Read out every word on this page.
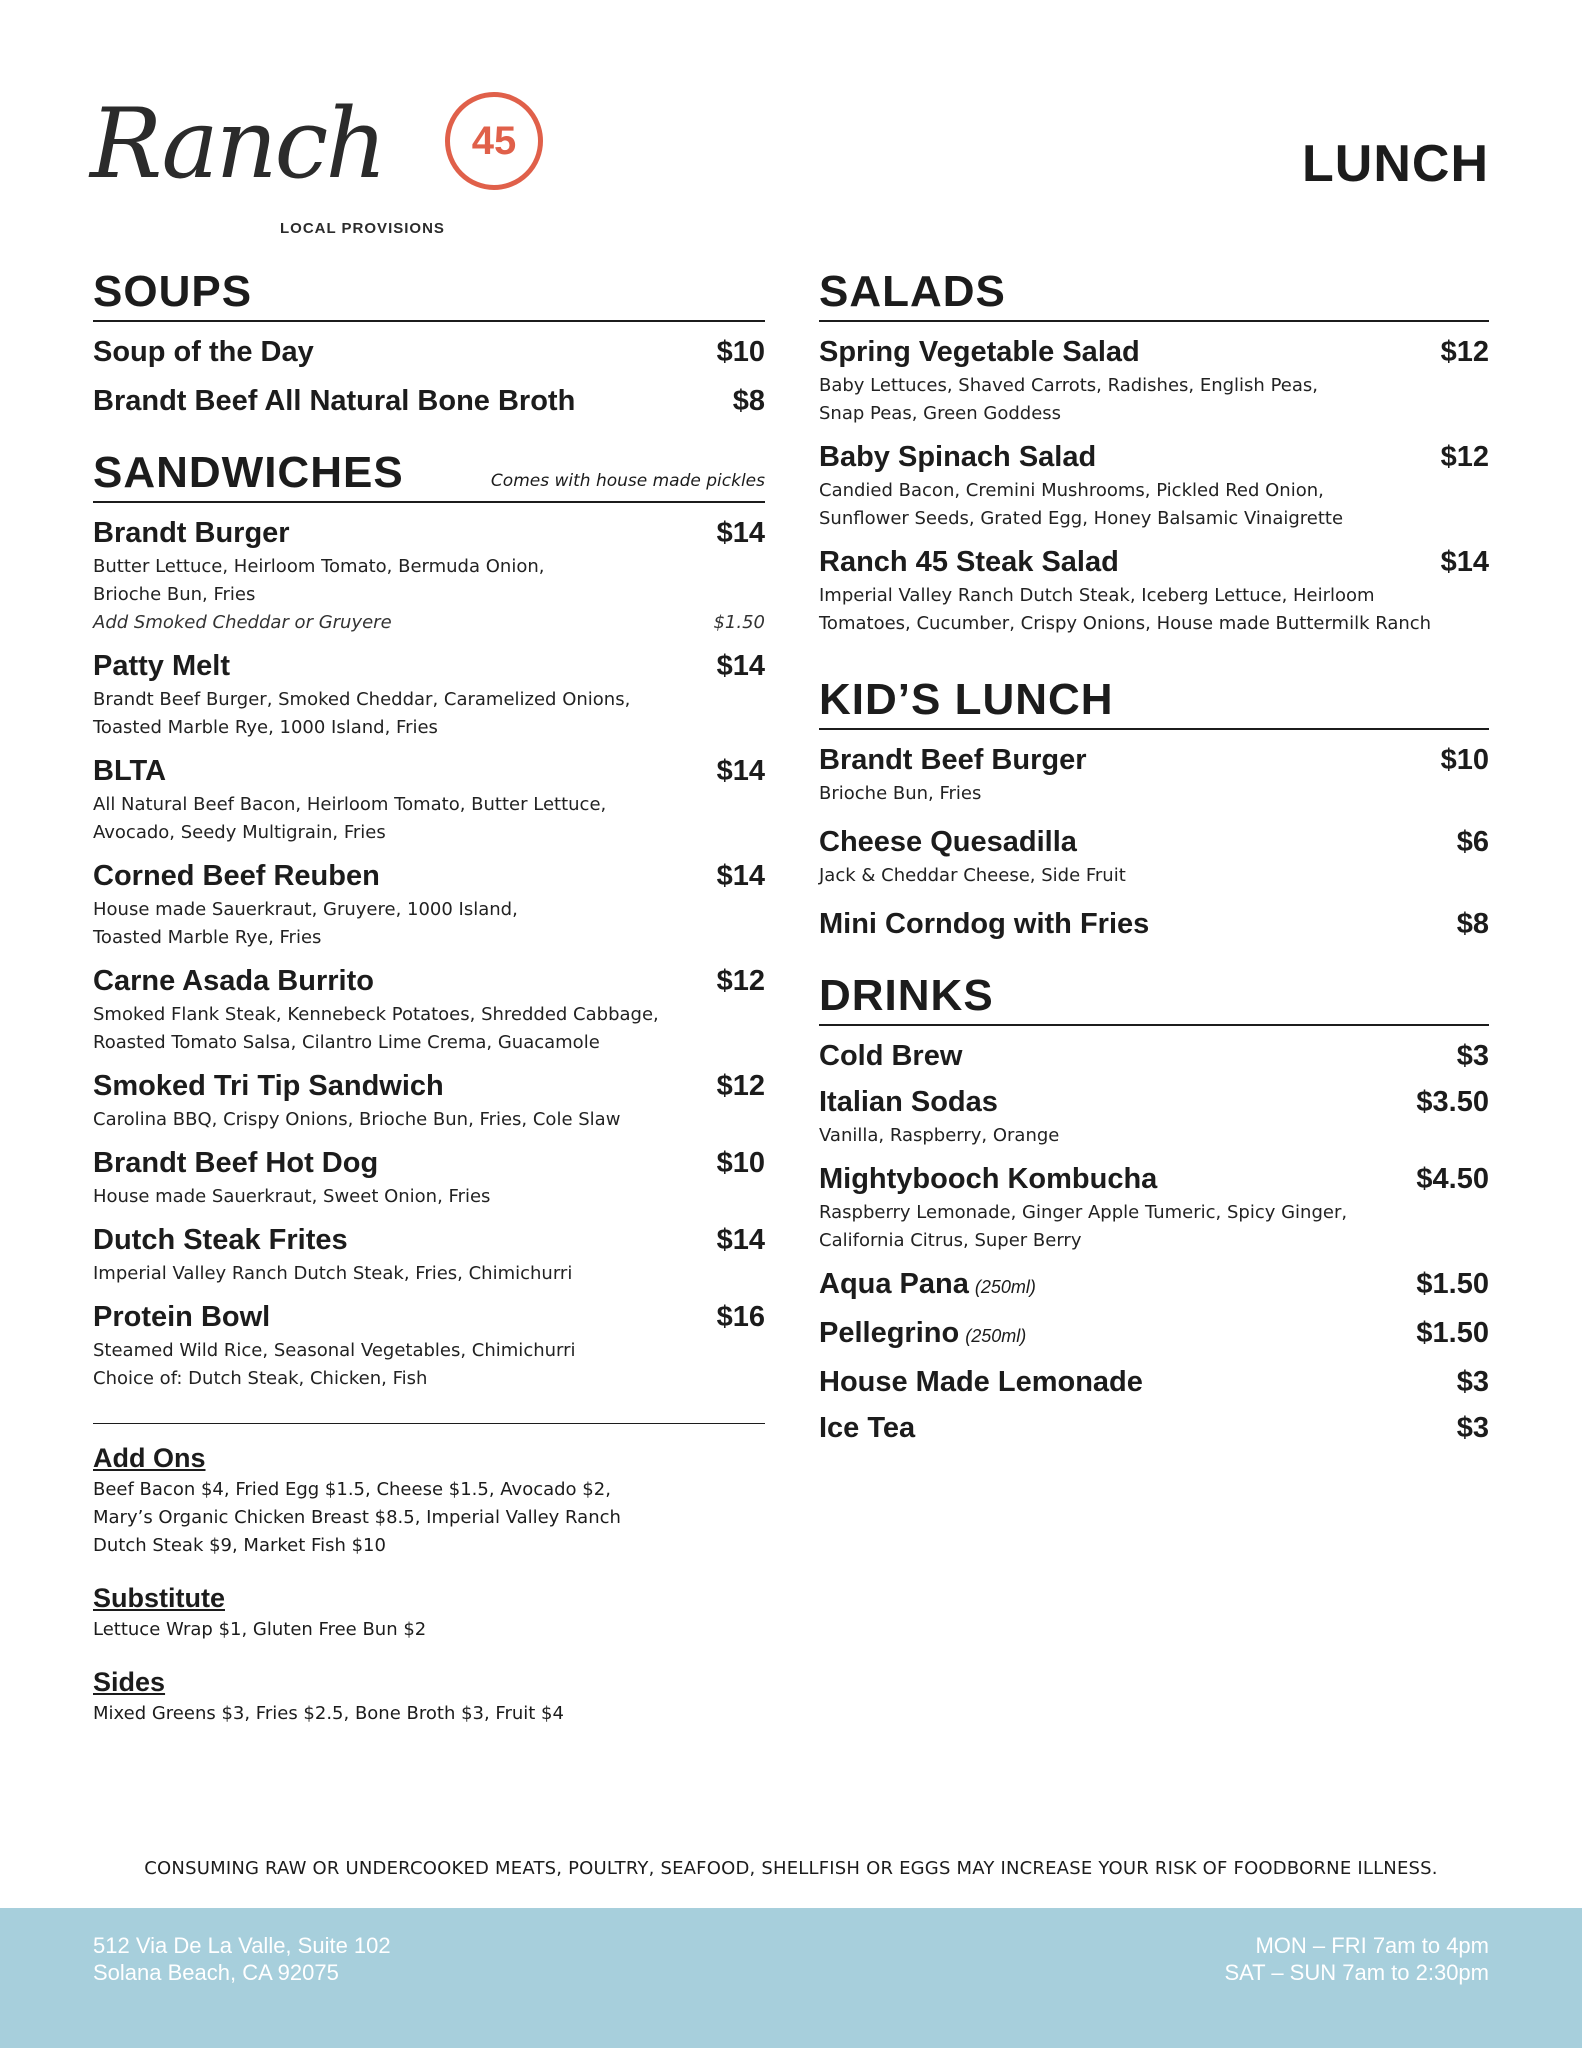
Ranch	45
LOCAL PROVISIONS
LUNCH
SOUPS
Soup of the Day	$10
Brandt Beef All Natural Bone Broth	$8
SANDWICHES	Comes with house made pickles
Brandt Burger	$14
Butter Lettuce, Heirloom Tomato, Bermuda Onion,
Brioche Bun, Fries
Add Smoked Cheddar or Gruyere	$1.50
Patty Melt	$14
Brandt Beef Burger, Smoked Cheddar, Caramelized Onions,
Toasted Marble Rye, 1000 Island, Fries
BLTA	$14
All Natural Beef Bacon, Heirloom Tomato, Butter Lettuce,
Avocado, Seedy Multigrain, Fries
Corned Beef Reuben	$14
House made Sauerkraut, Gruyere, 1000 Island,
Toasted Marble Rye, Fries
Carne Asada Burrito	$12
Smoked Flank Steak, Kennebeck Potatoes, Shredded Cabbage,
Roasted Tomato Salsa, Cilantro Lime Crema, Guacamole
Smoked Tri Tip Sandwich	$12
Carolina BBQ, Crispy Onions, Brioche Bun, Fries, Cole Slaw
Brandt Beef Hot Dog	$10
House made Sauerkraut, Sweet Onion, Fries
Dutch Steak Frites	$14
Imperial Valley Ranch Dutch Steak, Fries, Chimichurri
Protein Bowl	$16
Steamed Wild Rice, Seasonal Vegetables, Chimichurri
Choice of: Dutch Steak, Chicken, Fish
Add Ons
Beef Bacon $4, Fried Egg $1.5, Cheese $1.5, Avocado $2, Mary’s Organic Chicken Breast $8.5, Imperial Valley Ranch Dutch Steak $9, Market Fish $10
Substitute
Lettuce Wrap $1, Gluten Free Bun $2
Sides
Mixed Greens $3, Fries $2.5, Bone Broth $3, Fruit $4
SALADS
Spring Vegetable Salad	$12
Baby Lettuces, Shaved Carrots, Radishes, English Peas,
Snap Peas, Green Goddess
Baby Spinach Salad	$12
Candied Bacon, Cremini Mushrooms, Pickled Red Onion,
Sunflower Seeds, Grated Egg, Honey Balsamic Vinaigrette
Ranch 45 Steak Salad	$14
Imperial Valley Ranch Dutch Steak, Iceberg Lettuce, Heirloom
Tomatoes, Cucumber, Crispy Onions, House made Buttermilk Ranch
KID’S LUNCH
Brandt Beef Burger	$10
Brioche Bun, Fries
Cheese Quesadilla	$6
Jack & Cheddar Cheese, Side Fruit
Mini Corndog with Fries	$8
DRINKS
Cold Brew	$3
Italian Sodas	$3.50
Vanilla, Raspberry, Orange
Mightybooch Kombucha	$4.50
Raspberry Lemonade, Ginger Apple Tumeric, Spicy Ginger,
California Citrus, Super Berry
Aqua Pana (250ml)	$1.50
Pellegrino (250ml)	$1.50
House Made Lemonade	$3
Ice Tea	$3
CONSUMING RAW OR UNDERCOOKED MEATS, POULTRY, SEAFOOD, SHELLFISH OR EGGS MAY INCREASE YOUR RISK OF FOODBORNE ILLNESS.
512 Via De La Valle, Suite 102
Solana Beach, CA 92075
MON – FRI 7am to 4pm
SAT – SUN 7am to 2:30pm
